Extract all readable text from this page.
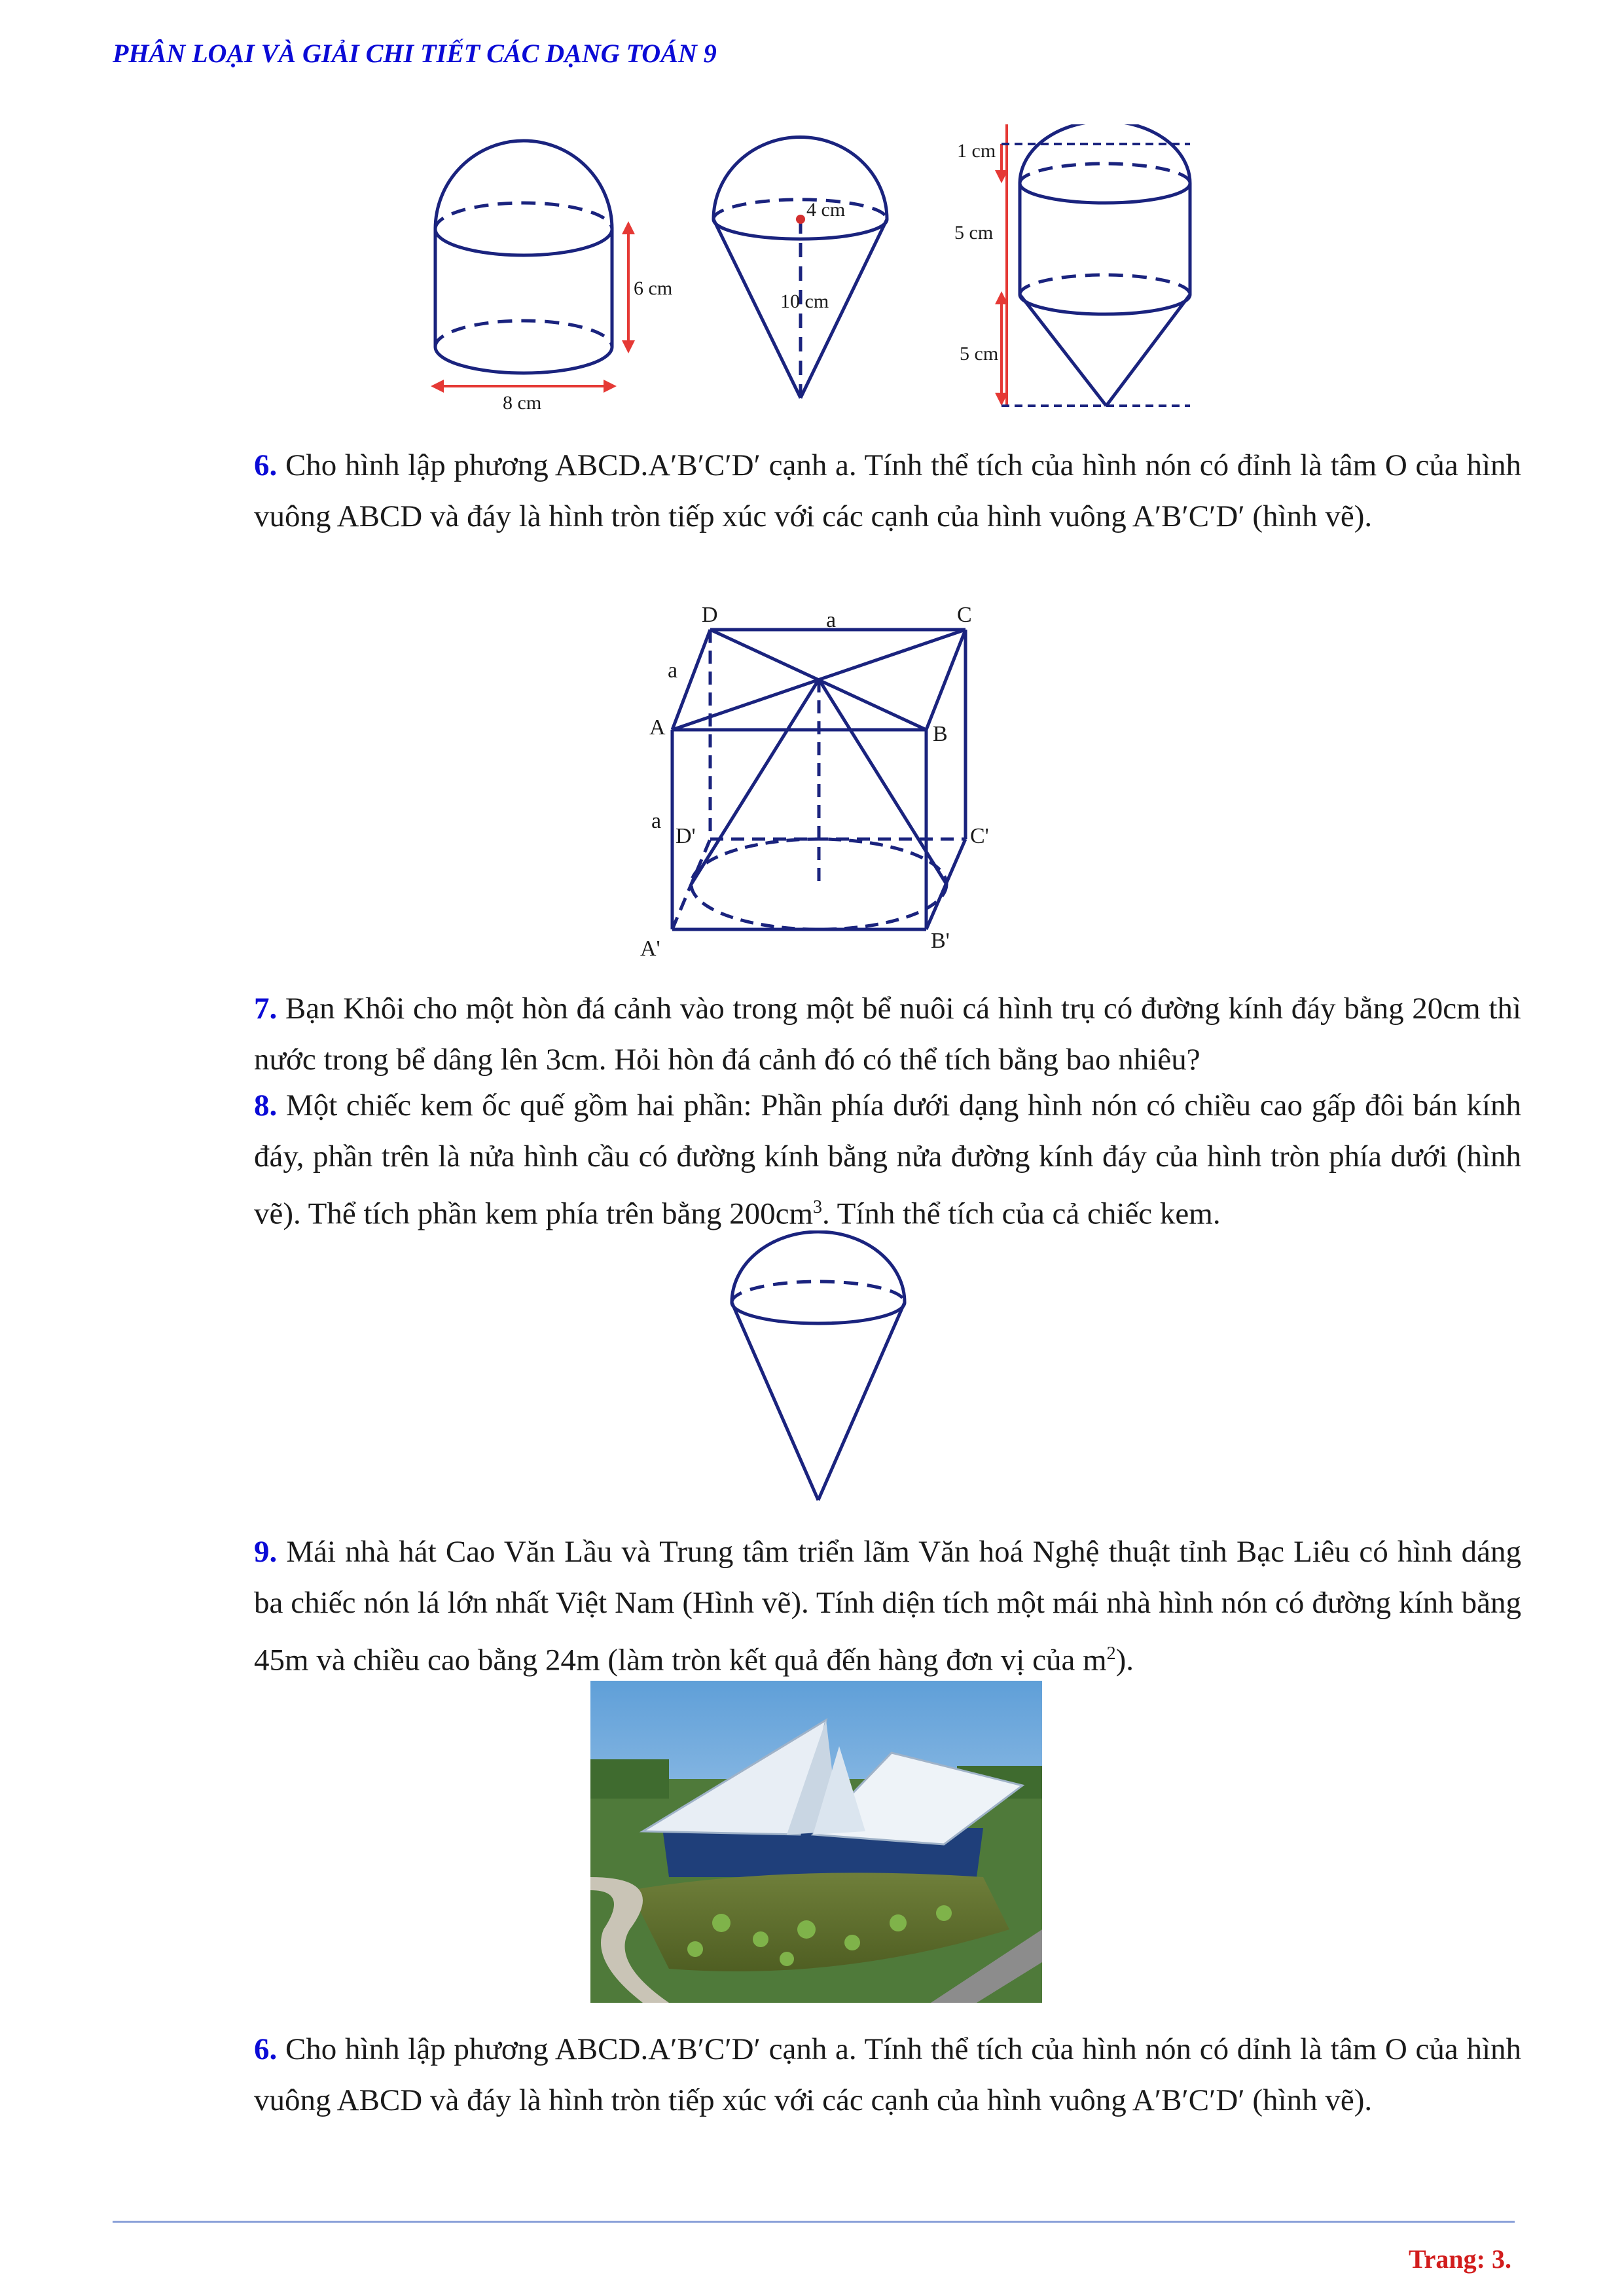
PHÂN LOẠI VÀ GIẢI CHI TIẾT CÁC DẠNG TOÁN 9
6 cm
8 cm
4 cm
10 cm
1 cm
5 cm
5 cm
6. Cho hình lập phương ABCD.A′B′C′D′ cạnh a. Tính thể tích của hình nón có đỉnh là tâm O của hình vuông ABCD và đáy là hình tròn tiếp xúc với các cạnh của hình vuông A′B′C′D′ (hình vẽ).
D	a	C
a
A	B
a
D'	C'
A'	B'
7. Bạn Khôi cho một hòn đá cảnh vào trong một bể nuôi cá hình trụ có đường kính đáy bằng 20cm thì nước trong bể dâng lên 3cm. Hỏi hòn đá cảnh đó có thể tích bằng bao nhiêu?
8. Một chiếc kem ốc quế gồm hai phần: Phần phía dưới dạng hình nón có chiều cao gấp đôi bán kính đáy, phần trên là nửa hình cầu có đường kính bằng nửa đường kính đáy của hình tròn phía dưới (hình vẽ). Thể tích phần kem phía trên bằng $200cm^3$. Tính thể tích của cả chiếc kem.
9. Mái nhà hát Cao Văn Lầu và Trung tâm triển lãm Văn hoá Nghệ thuật tỉnh Bạc Liêu có hình dáng ba chiếc nón lá lớn nhất Việt Nam (Hình vẽ). Tính diện tích một mái nhà hình nón có đường kính bằng 45m và chiều cao bằng 24m (làm tròn kết quả đến hàng đơn vị của $m^2$).
6. Cho hình lập phương ABCD.A′B′C′D′ cạnh a. Tính thể tích của hình nón có dỉnh là tâm O của hình vuông ABCD và đáy là hình tròn tiếp xúc với các cạnh của hình vuông A′B′C′D′ (hình vẽ).
Trang: 3.
